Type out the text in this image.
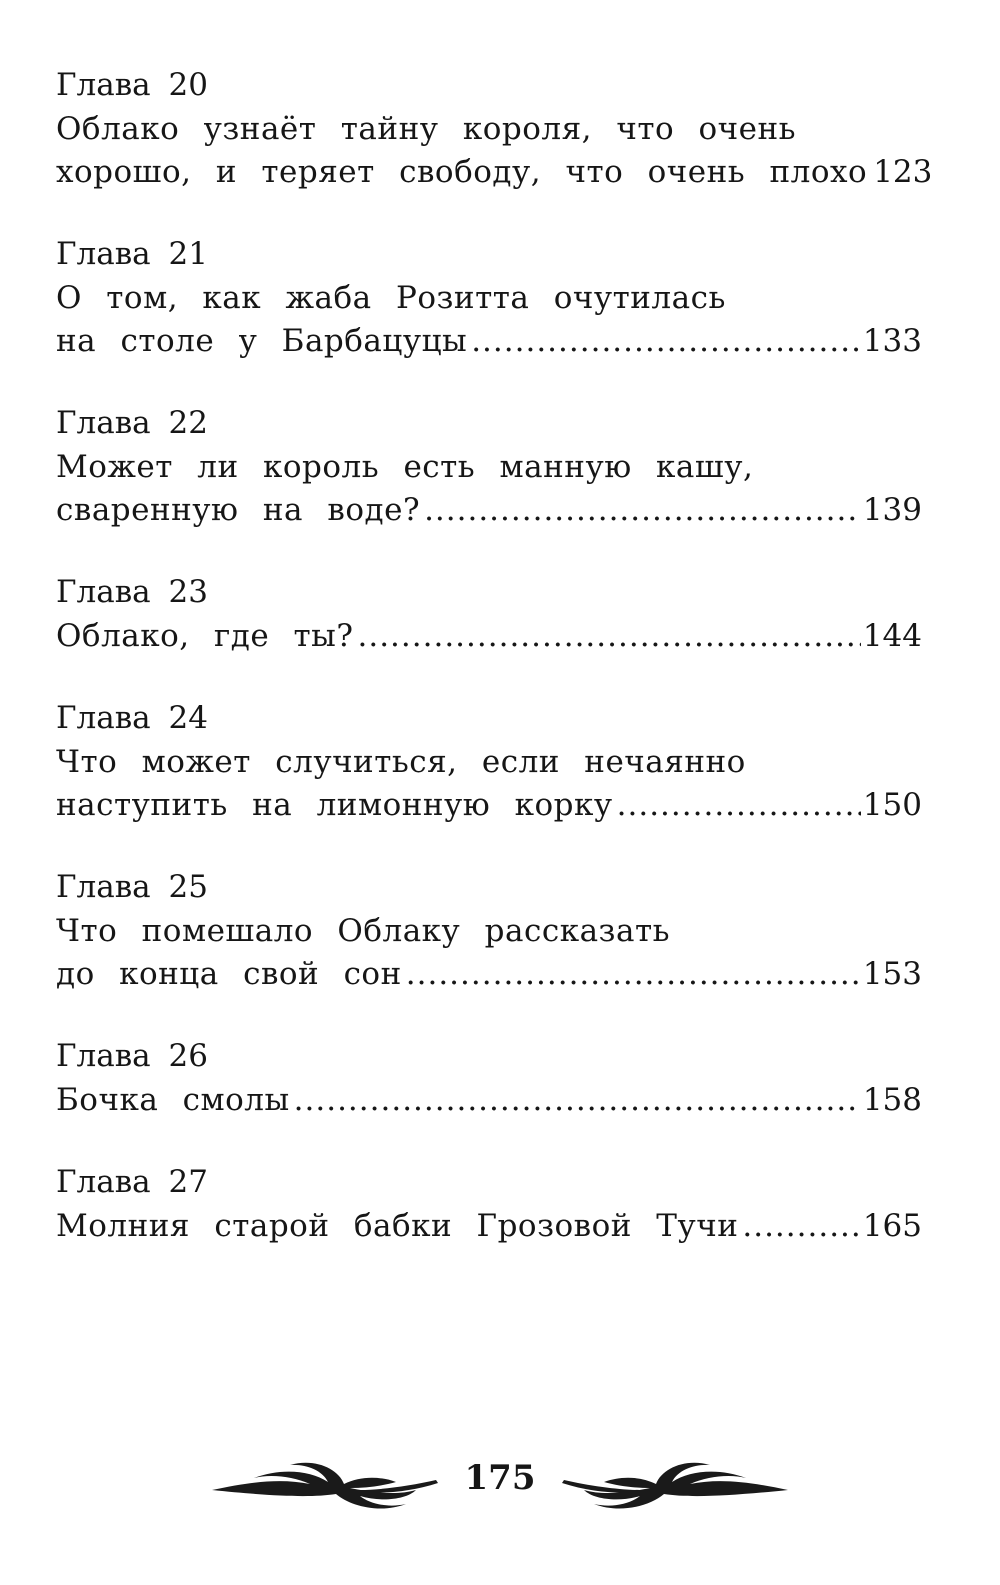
Глава 20
Облако узнаёт тайну короля, что очень
хорошо, и теряет свободу, что очень плохо 123
Глава 21
О том, как жаба Розитта очутилась
на столе у Барбацуцы .....	133
Глава 22
Может ли король есть манную кашу,
сваренную на воде? .....	139
Глава 23
Облако, где ты? .....	144
Глава 24
Что может случиться, если нечаянно
наступить на лимонную корку .....	150
Глава 25
Что помешало Облаку рассказать
до конца свой сон .....	153
Глава 26
Бочка смолы .....	158
Глава 27
Молния старой бабки Грозовой Тучи .....	165
175
